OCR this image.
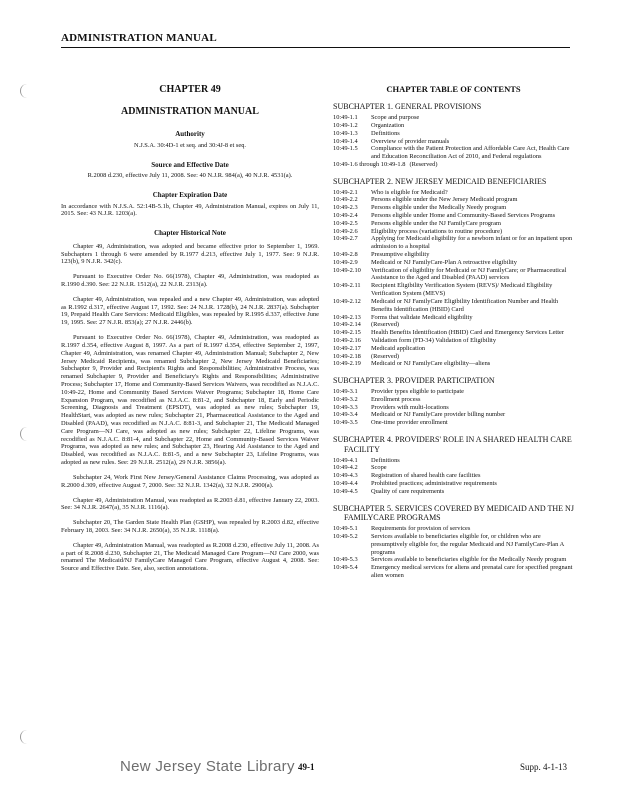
ADMINISTRATION MANUAL
CHAPTER 49
ADMINISTRATION MANUAL
Authority
N.J.S.A. 30:4D-1 et seq. and 30:4J-8 et seq.
Source and Effective Date
R.2008 d.230, effective July 11, 2008. See: 40 N.J.R. 984(a), 40 N.J.R. 4531(a).
Chapter Expiration Date
In accordance with N.J.S.A. 52:14B-5.1b, Chapter 49, Administration Manual, expires on July 11, 2015. See: 43 N.J.R. 1203(a).
Chapter Historical Note

Chapter 49, Administration, was adopted and became effective prior to September 1, 1969. Subchapters 1 through 6 were amended by R.1977 d.213, effective July 1, 1977. See: 9 N.J.R. 123(b), 9 N.J.R. 342(c).

Pursuant to Executive Order No. 66(1978), Chapter 49, Administration, was readopted as R.1990 d.390. See: 22 N.J.R. 1512(a), 22 N.J.R. 2313(a).

Chapter 49, Administration, was repealed and a new Chapter 49, Administration, was adopted as R.1992 d.317, effective August 17, 1992. See: 24 N.J.R. 1728(b), 24 N.J.R. 2837(a). Subchapter 19, Prepaid Health Care Services: Medicaid Eligibles, was repealed by R.1995 d.337, effective June 19, 1995. See: 27 N.J.R. 853(a); 27 N.J.R. 2446(b).

Pursuant to Executive Order No. 66(1978), Chapter 49, Administration, was readopted as R.1997 d.354, effective August 8, 1997. As a part of R.1997 d.354, effective September 2, 1997, Chapter 49, Administration, was renamed Chapter 49, Administration Manual; Subchapter 2, New Jersey Medicaid Recipients, was renamed Subchapter 2, New Jersey Medicaid Beneficiaries; Subchapter 9, Provider and Recipient's Rights and Responsibilities; Administrative Process, was renamed Subchapter 9, Provider and Beneficiary's Rights and Responsibilities; Administrative Process; Subchapter 17, Home and Community-Based Services Waivers, was recodified as N.J.A.C. 10:49-22, Home and Community Based Services Waiver Programs; Subchapter 18, Home Care Expansion Program, was recodified as N.J.A.C. 8:81-2, and Subchapter 18, Early and Periodic Screening, Diagnosis and Treatment (EPSDT), was adopted as new rules; Subchapter 19, HealthStart, was adopted as new rules; Subchapter 21, Pharmaceutical Assistance to the Aged and Disabled (PAAD), was recodified as N.J.A.C. 8:81-3, and Subchapter 21, The Medicaid Managed Care Program—NJ Care, was adopted as new rules; Subchapter 22, Lifeline Programs, was recodified as N.J.A.C. 8:81-4, and Subchapter 22, Home and Community-Based Services Waiver Programs, was adopted as new rules; and Subchapter 23, Hearing Aid Assistance to the Aged and Disabled, was recodified as N.J.A.C. 8:81-5, and a new Subchapter 23, Lifeline Programs, was adopted as new rules. See: 29 N.J.R. 2512(a), 29 N.J.R. 3856(a).

Subchapter 24, Work First New Jersey/General Assistance Claims Processing, was adopted as R.2000 d.309, effective August 7, 2000. See: 32 N.J.R. 1342(a), 32 N.J.R. 2900(a).

Chapter 49, Administration Manual, was readopted as R.2003 d.81, effective January 22, 2003. See: 34 N.J.R. 2647(a), 35 N.J.R. 1116(a).

Subchapter 20, The Garden State Health Plan (GSHP), was repealed by R.2003 d.82, effective February 18, 2003. See: 34 N.J.R. 2650(a), 35 N.J.R. 1118(a).

Chapter 49, Administration Manual, was readopted as R.2008 d.230, effective July 11, 2008. As a part of R.2008 d.230, Subchapter 21, The Medicaid Managed Care Program—NJ Care 2000, was renamed The Medicaid/NJ FamilyCare Managed Care Program, effective August 4, 2008. See: Source and Effective Date. See, also, section annotations.

CHAPTER TABLE OF CONTENTS
SUBCHAPTER 1. GENERAL PROVISIONS
10:49-1.1	Scope and purpose
10:49-1.2	Organization
10:49-1.3	Definitions
10:49-1.4	Overview of provider manuals
10:49-1.5	Compliance with the Patient Protection and Affordable Care Act, Health Care and Education Reconciliation Act of 2010, and Federal regulations
10:49-1.6 through 10:49-1.8 (Reserved)
SUBCHAPTER 2. NEW JERSEY MEDICAID BENEFICIARIES
10:49-2.1	Who is eligible for Medicaid?
10:49-2.2	Persons eligible under the New Jersey Medicaid program
10:49-2.3	Persons eligible under the Medically Needy program
10:49-2.4	Persons eligible under Home and Community-Based Services Programs
10:49-2.5	Persons eligible under the NJ FamilyCare program
10:49-2.6	Eligibility process (variations to routine procedure)
10:49-2.7	Applying for Medicaid eligibility for a newborn infant or for an inpatient upon admission to a hospital
10:49-2.8	Presumptive eligibility
10:49-2.9	Medicaid or NJ FamilyCare-Plan A retroactive eligibility
10:49-2.10	Verification of eligibility for Medicaid or NJ FamilyCare; or Pharmaceutical Assistance to the Aged and Disabled (PAAD) services
10:49-2.11	Recipient Eligibility Verification System (REVS)/ Medicaid Eligibility Verification System (MEVS)
10:49-2.12	Medicaid or NJ FamilyCare Eligibility Identification Number and Health Benefits Identification (HBID) Card
10:49-2.13	Forms that validate Medicaid eligibility
10:49-2.14	(Reserved)
10:49-2.15	Health Benefits Identification (HBID) Card and Emergency Services Letter
10:49-2.16	Validation form (FD-34) Validation of Eligibility
10:49-2.17	Medicaid application
10:49-2.18	(Reserved)
10:49-2.19	Medicaid or NJ FamilyCare eligibility—aliens
SUBCHAPTER 3. PROVIDER PARTICIPATION
10:49-3.1	Provider types eligible to participate
10:49-3.2	Enrollment process
10:49-3.3	Providers with multi-locations
10:49-3.4	Medicaid or NJ FamilyCare provider billing number
10:49-3.5	One-time provider enrollment
SUBCHAPTER 4. PROVIDERS' ROLE IN A SHARED HEALTH CARE FACILITY
10:49-4.1	Definitions
10:49-4.2	Scope
10:49-4.3	Registration of shared health care facilities
10:49-4.4	Prohibited practices; administrative requirements
10:49-4.5	Quality of care requirements
SUBCHAPTER 5. SERVICES COVERED BY MEDICAID AND THE NJ FAMILYCARE PROGRAMS
10:49-5.1	Requirements for provision of services
10:49-5.2	Services available to beneficiaries eligible for, or children who are presumptively eligible for, the regular Medicaid and NJ FamilyCare-Plan A programs
10:49-5.3	Services available to beneficiaries eligible for the Medically Needy program
10:49-5.4	Emergency medical services for aliens and prenatal care for specified pregnant alien women
New Jersey State Library 49-1	Supp. 4-1-13
